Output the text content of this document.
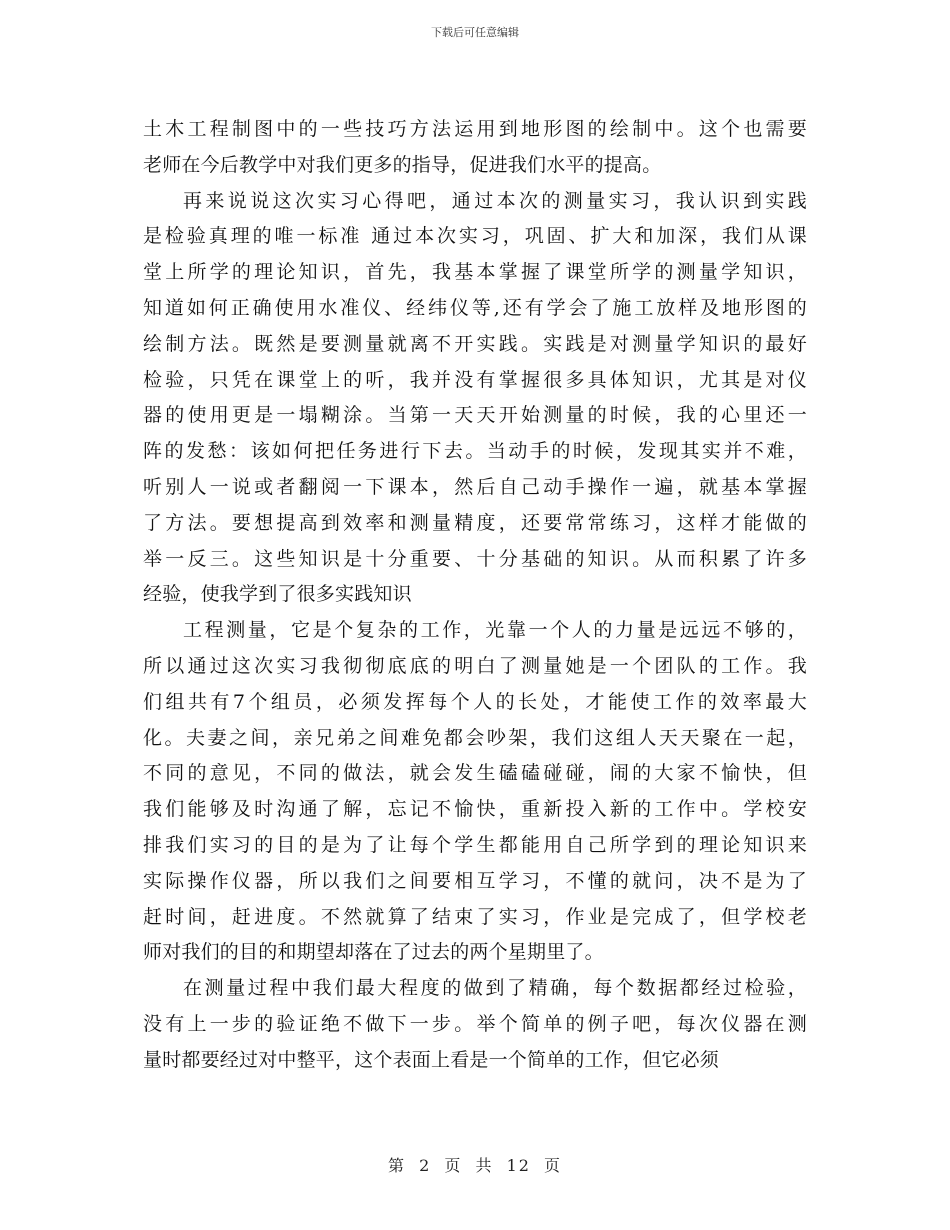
下载后可任意编辑
土木工程制图中的一些技巧方法运用到地形图的绘制中。这个也需要
老师在今后教学中对我们更多的指导，促进我们水平的提高。
再来说说这次实习心得吧，通过本次的测量实习，我认识到实践
是检验真理的唯一标准 通过本次实习，巩固、扩大和加深，我们从课
堂上所学的理论知识，首先，我基本掌握了课堂所学的测量学知识，
知道如何正确使用水准仪、经纬仪等,还有学会了施工放样及地形图的
绘制方法。既然是要测量就离不开实践。实践是对测量学知识的最好
检验，只凭在课堂上的听，我并没有掌握很多具体知识，尤其是对仪
器的使用更是一塌糊涂。当第一天天开始测量的时候，我的心里还一
阵的发愁：该如何把任务进行下去。当动手的时候，发现其实并不难，
听别人一说或者翻阅一下课本，然后自己动手操作一遍，就基本掌握
了方法。要想提高到效率和测量精度，还要常常练习，这样才能做的
举一反三。这些知识是十分重要、十分基础的知识。从而积累了许多
经验，使我学到了很多实践知识
工程测量，它是个复杂的工作，光靠一个人的力量是远远不够的，
所以通过这次实习我彻彻底底的明白了测量她是一个团队的工作。我
们组共有7个组员，必须发挥每个人的长处，才能使工作的效率最大
化。夫妻之间，亲兄弟之间难免都会吵架，我们这组人天天聚在一起，
不同的意见，不同的做法，就会发生磕磕碰碰，闹的大家不愉快，但
我们能够及时沟通了解，忘记不愉快，重新投入新的工作中。学校安
排我们实习的目的是为了让每个学生都能用自己所学到的理论知识来
实际操作仪器，所以我们之间要相互学习，不懂的就问，决不是为了
赶时间，赶进度。不然就算了结束了实习，作业是完成了，但学校老
师对我们的目的和期望却落在了过去的两个星期里了。
在测量过程中我们最大程度的做到了精确，每个数据都经过检验，
没有上一步的验证绝不做下一步。举个简单的例子吧，每次仪器在测
量时都要经过对中整平，这个表面上看是一个简单的工作，但它必须
第 2 页 共 12 页
